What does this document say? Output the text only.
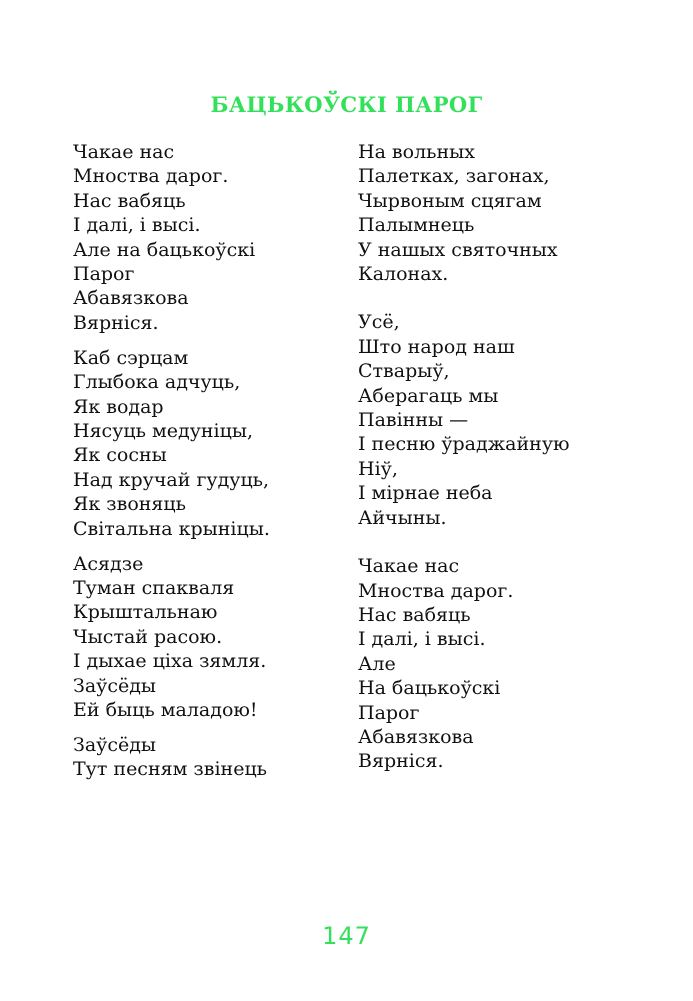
БАЦЬКОЎСКІ ПАРОГ
Чакае нас
Мноства дарог.
Нас вабяць
І далі, і высі.
Але на бацькоўскі
Парог
Абавязкова
Вярніся.
Каб сэрцам
Глыбока адчуць,
Як водар
Нясуць медуніцы,
Як сосны
Над кручай гудуць,
Як звоняць
Світальна крыніцы.
Асядзе
Туман спакваля
Крыштальнаю
Чыстай расою.
І дыхае ціха зямля.
Заўсёды
Ей быць маладою!
Заўсёды
Тут песням звінець
На вольных
Палетках, загонах,
Чырвоным сцягам
Палымнець
У нашых святочных
Калонах.
Усё,
Што народ наш
Стварыў,
Аберагаць мы
Павінны —
І песню ўраджайную
Ніў,
І мірнае неба
Айчыны.
Чакае нас
Мноства дарог.
Нас вабяць
І далі, і высі.
Але
На бацькоўскі
Парог
Абавязкова
Вярніся.
147
